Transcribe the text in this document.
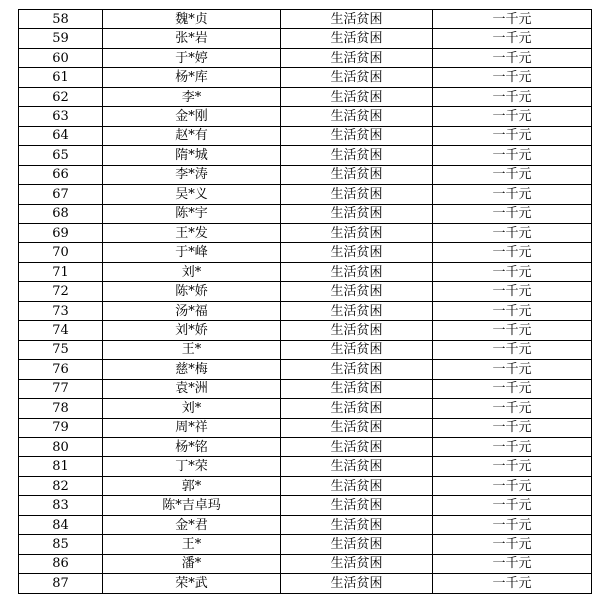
58	魏*贞	生活贫困	一千元
59	张*岩	生活贫困	一千元
60	于*婷	生活贫困	一千元
61	杨*库	生活贫困	一千元
62	李*	生活贫困	一千元
63	金*刚	生活贫困	一千元
64	赵*有	生活贫困	一千元
65	隋*城	生活贫困	一千元
66	李*涛	生活贫困	一千元
67	吴*义	生活贫困	一千元
68	陈*宇	生活贫困	一千元
69	王*发	生活贫困	一千元
70	于*峰	生活贫困	一千元
71	刘*	生活贫困	一千元
72	陈*娇	生活贫困	一千元
73	汤*福	生活贫困	一千元
74	刘*娇	生活贫困	一千元
75	王*	生活贫困	一千元
76	慈*梅	生活贫困	一千元
77	袁*洲	生活贫困	一千元
78	刘*	生活贫困	一千元
79	周*祥	生活贫困	一千元
80	杨*铭	生活贫困	一千元
81	丁*荣	生活贫困	一千元
82	郭*	生活贫困	一千元
83	陈*吉卓玛	生活贫困	一千元
84	金*君	生活贫困	一千元
85	王*	生活贫困	一千元
86	潘*	生活贫困	一千元
87	荣*武	生活贫困	一千元
